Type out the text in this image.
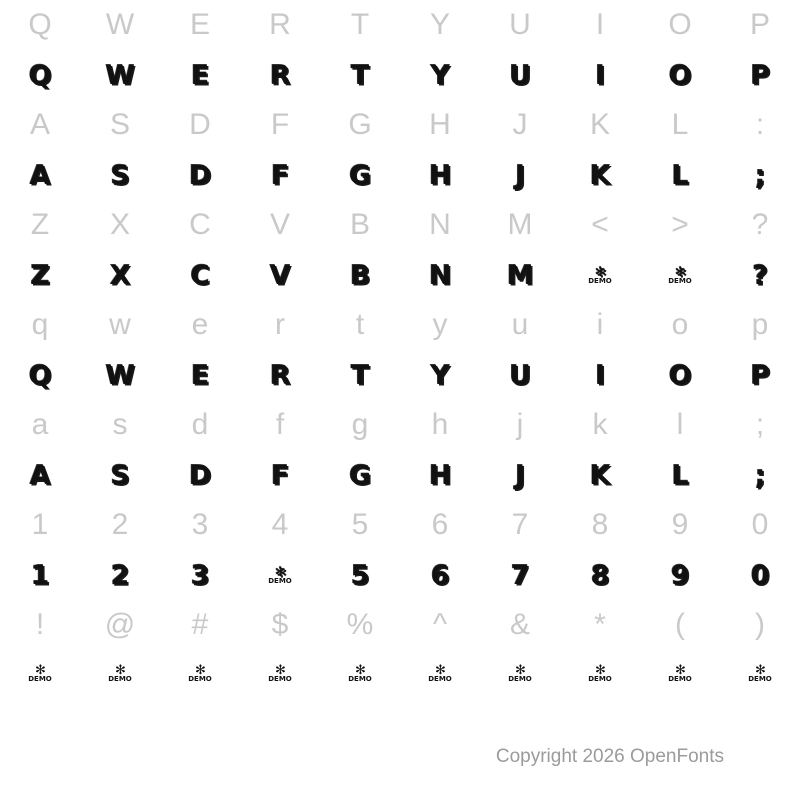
Q W E R T Y U I O P
Q W E R T Y U I O P
A S D F G H J K L :
A S D F G H J K L ;
Z X C V B N M < > ?
Z X C V B N M	✻
DEMO
✻
DEMO ?
q w e r t y u i o p
Q W E R T Y U I O P
a s d f g h j k l ;
A S D F G H J K L ;
1 2 3 4 5 6 7 8 9 0
1 2 3	✻
DEMO 5 6 7 8 9 0
! @ # $ % ^ & * ( )
✻
DEMO
✻
DEMO
✻
DEMO
✻
DEMO
✻
DEMO
✻
DEMO
✻
DEMO
✻
DEMO
✻
DEMO
✻
DEMO
Copyright 2026 OpenFonts
